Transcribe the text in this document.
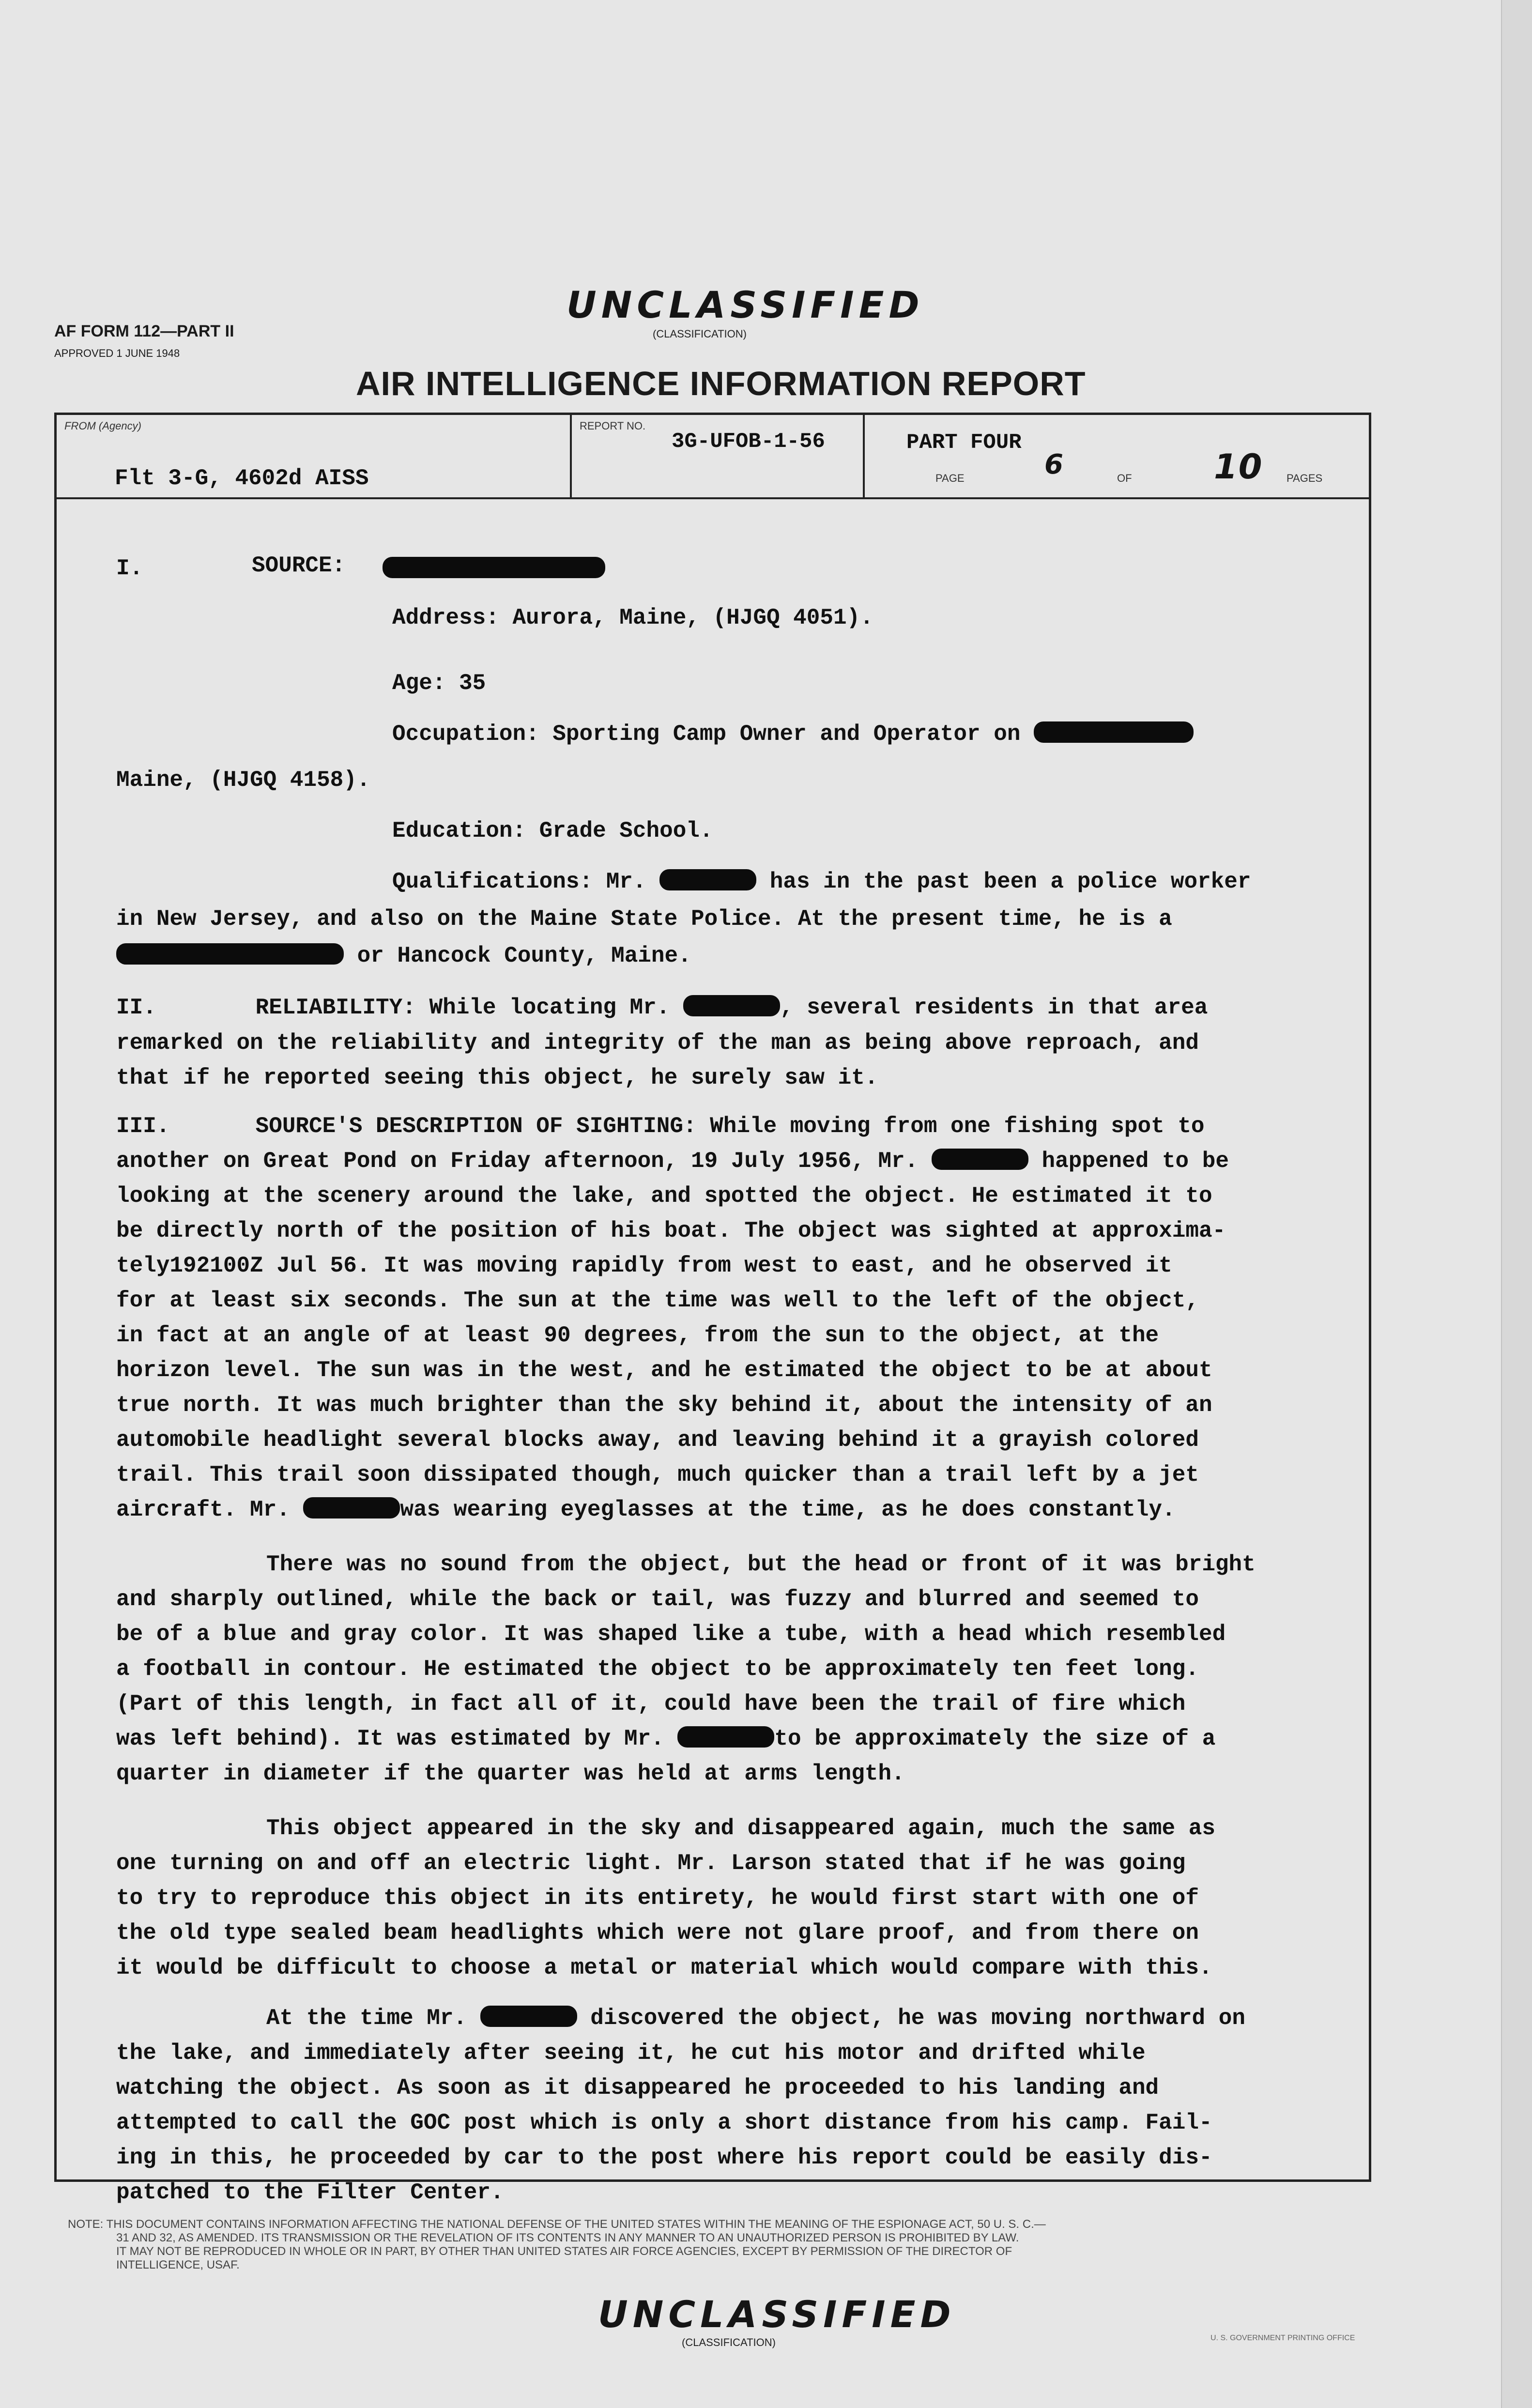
UNCLASSIFIED
(CLASSIFICATION)
AF FORM 112—PART II
APPROVED 1 JUNE 1948
AIR INTELLIGENCE INFORMATION REPORT
FROM (Agency)
Flt 3-G, 4602d AISS
REPORT NO.
3G-UFOB-1-56	PART FOUR
PAGE	6	OF 10 PAGES
I.	SOURCE:
Address: Aurora, Maine, (HJGQ 4051).
Age: 35
Occupation: Sporting Camp Owner and Operator on
Maine, (HJGQ 4158).
Education: Grade School.
Qualifications: Mr.	has in the past been a police worker
in New Jersey, and also on the Maine State Police. At the present time, he is a
or Hancock County, Maine.
II.	RELIABILITY: While locating Mr.	, several residents in that area
remarked on the reliability and integrity of the man as being above reproach, and
that if he reported seeing this object, he surely saw it.
III.	SOURCE'S DESCRIPTION OF SIGHTING: While moving from one fishing spot to
another on Great Pond on Friday afternoon, 19 July 1956, Mr.	happened to be
looking at the scenery around the lake, and spotted the object. He estimated it to
be directly north of the position of his boat. The object was sighted at approxima-
tely192100Z Jul 56. It was moving rapidly from west to east, and he observed it
for at least six seconds. The sun at the time was well to the left of the object,
in fact at an angle of at least 90 degrees, from the sun to the object, at the
horizon level. The sun was in the west, and he estimated the object to be at about
true north. It was much brighter than the sky behind it, about the intensity of an
automobile headlight several blocks away, and leaving behind it a grayish colored
trail. This trail soon dissipated though, much quicker than a trail left by a jet
aircraft. Mr.	was wearing eyeglasses at the time, as he does constantly.
There was no sound from the object, but the head or front of it was bright
and sharply outlined, while the back or tail, was fuzzy and blurred and seemed to
be of a blue and gray color. It was shaped like a tube, with a head which resembled
a football in contour. He estimated the object to be approximately ten feet long.
(Part of this length, in fact all of it, could have been the trail of fire which
was left behind). It was estimated by Mr.	to be approximately the size of a
quarter in diameter if the quarter was held at arms length.
This object appeared in the sky and disappeared again, much the same as
one turning on and off an electric light. Mr. Larson stated that if he was going
to try to reproduce this object in its entirety, he would first start with one of
the old type sealed beam headlights which were not glare proof, and from there on
it would be difficult to choose a metal or material which would compare with this.
At the time Mr.	discovered the object, he was moving northward on
the lake, and immediately after seeing it, he cut his motor and drifted while
watching the object. As soon as it disappeared he proceeded to his landing and
attempted to call the GOC post which is only a short distance from his camp. Fail-
ing in this, he proceeded by car to the post where his report could be easily dis-
patched to the Filter Center.
NOTE: THIS DOCUMENT CONTAINS INFORMATION AFFECTING THE NATIONAL DEFENSE OF THE UNITED STATES WITHIN THE MEANING OF THE ESPIONAGE ACT, 50 U. S. C.—
31 AND 32, AS AMENDED. ITS TRANSMISSION OR THE REVELATION OF ITS CONTENTS IN ANY MANNER TO AN UNAUTHORIZED PERSON IS PROHIBITED BY LAW.
IT MAY NOT BE REPRODUCED IN WHOLE OR IN PART, BY OTHER THAN UNITED STATES AIR FORCE AGENCIES, EXCEPT BY PERMISSION OF THE DIRECTOR OF
INTELLIGENCE, USAF.
UNCLASSIFIED
(CLASSIFICATION)	U. S. GOVERNMENT PRINTING OFFICE
